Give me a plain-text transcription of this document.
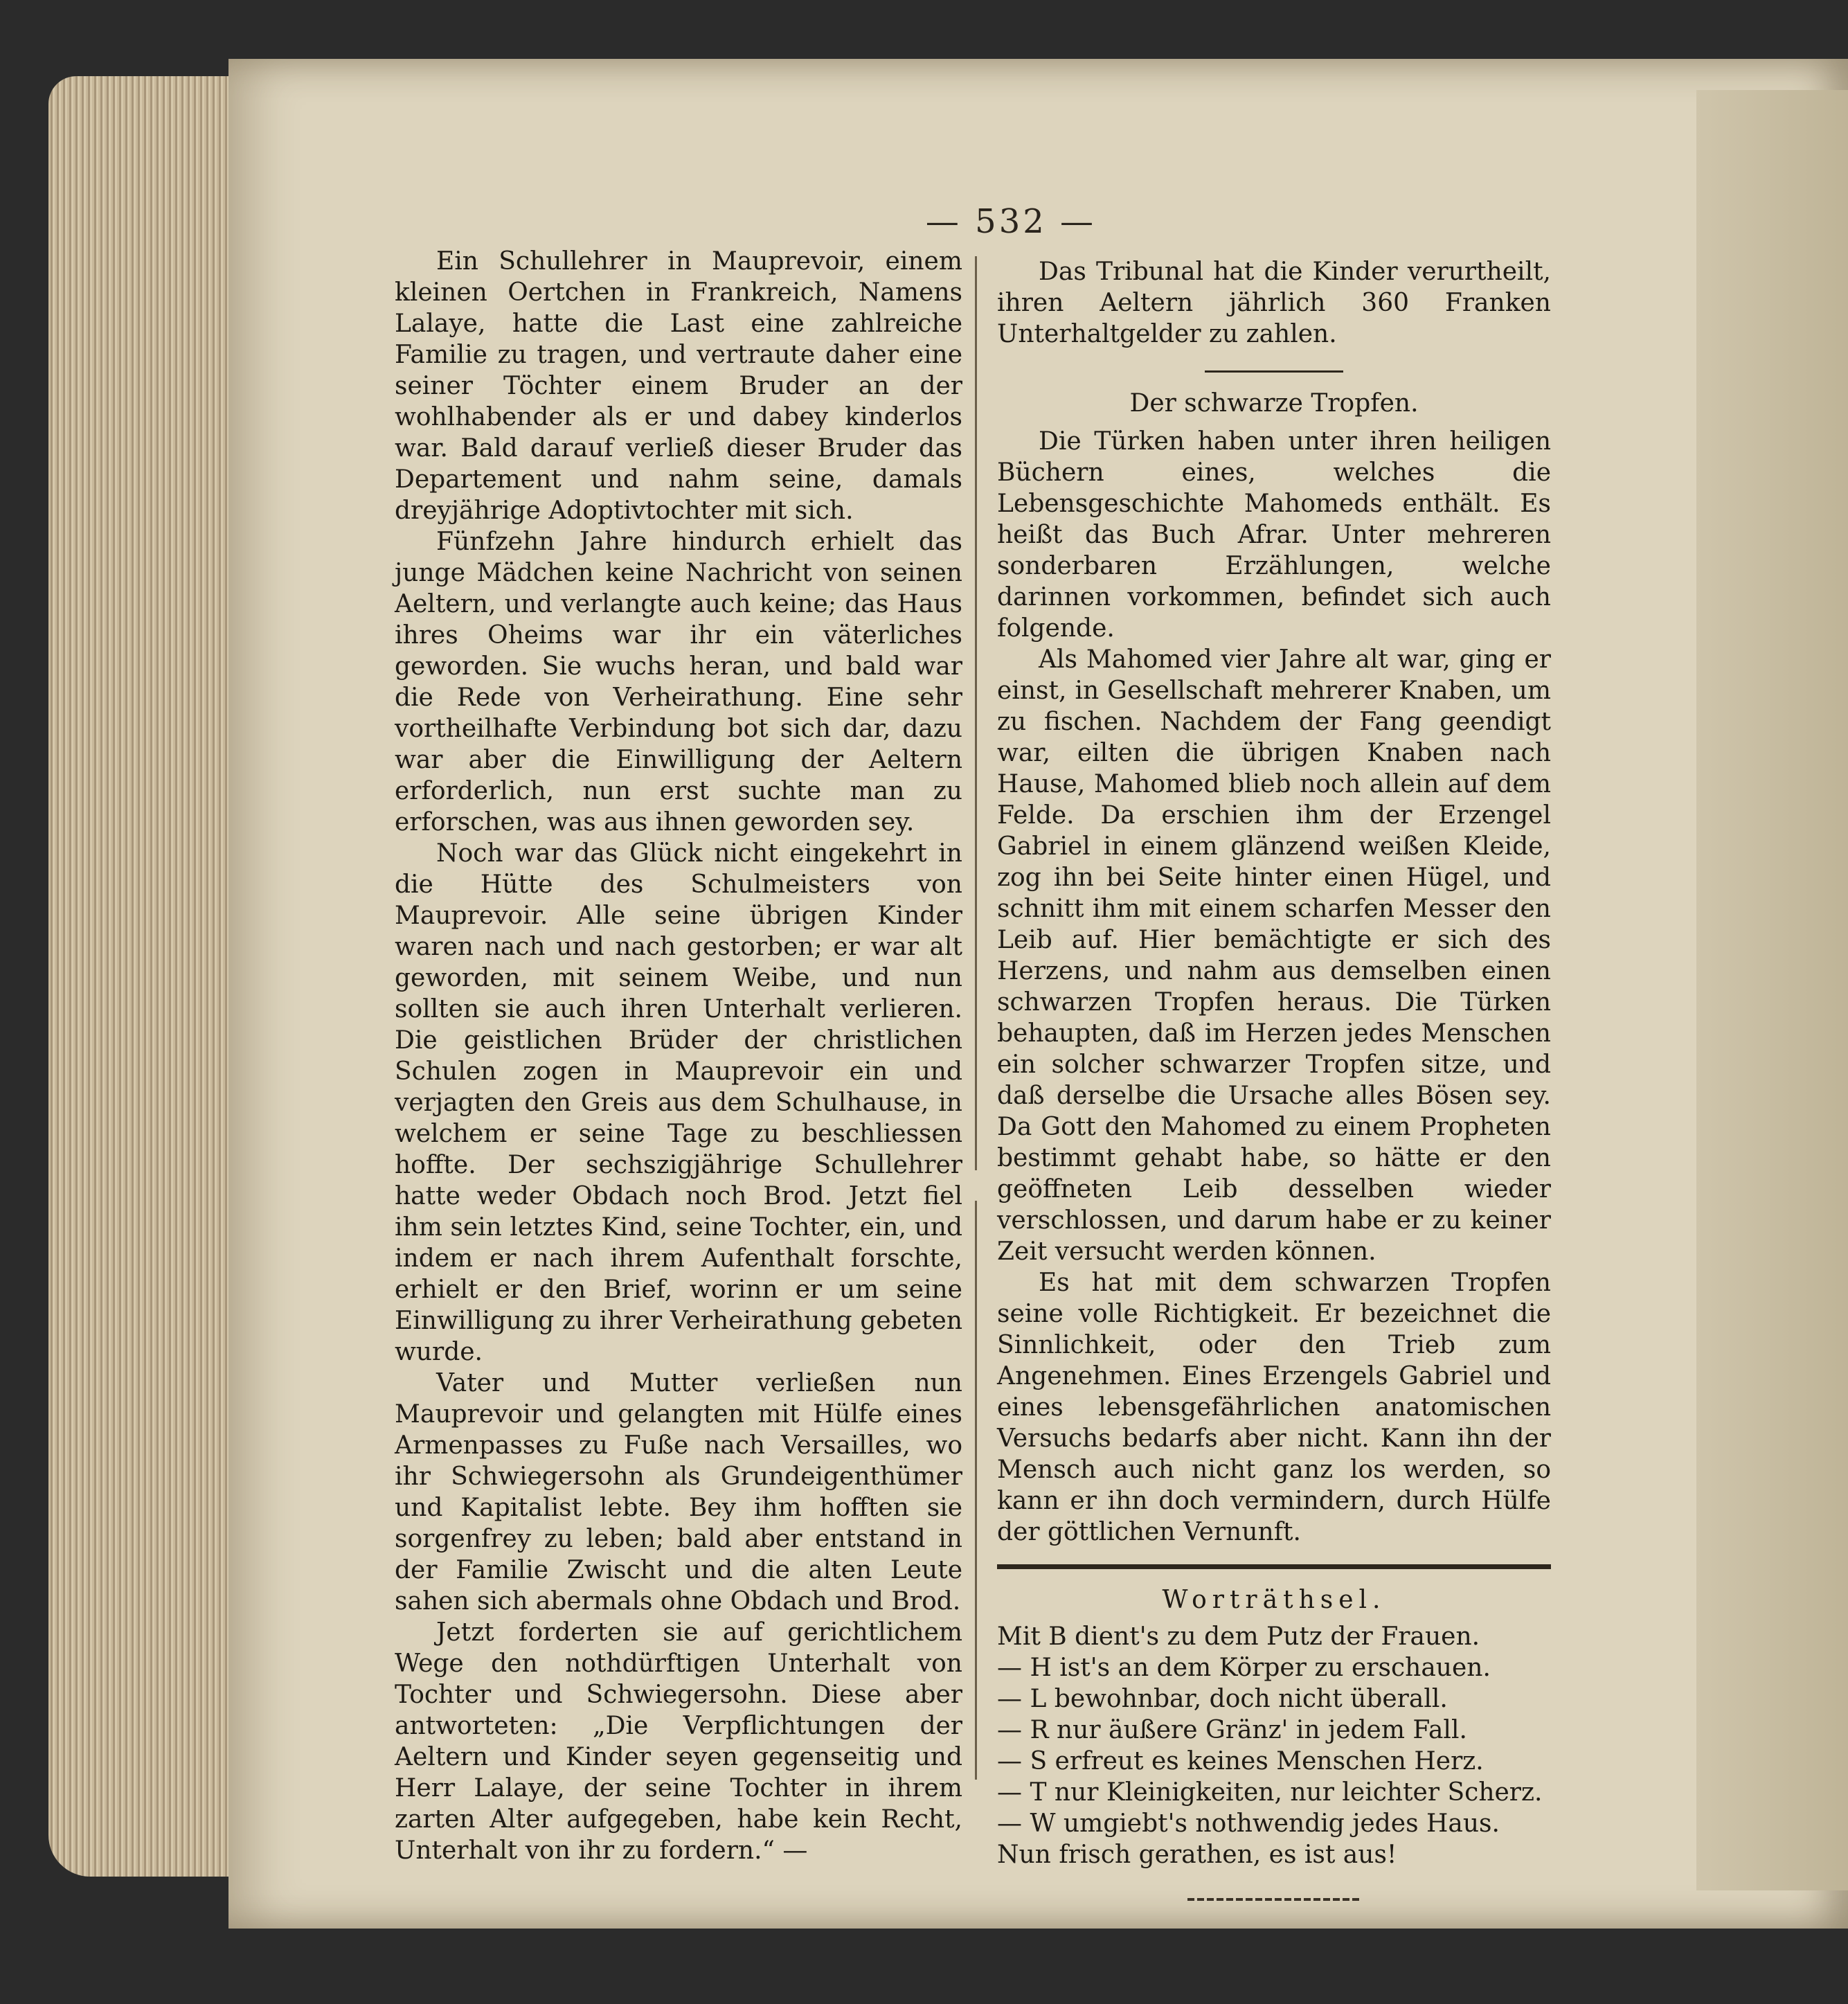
— 532 —

Ein Schullehrer in Mauprevoir, einem kleinen Oertchen in Frankreich, Namens Lalaye, hatte die Last eine zahlreiche Familie zu tragen, und vertraute daher eine seiner Töchter einem Bruder an der wohlhabender als er und dabey kinderlos war. Bald darauf verließ dieser Bruder das Departement und nahm seine, damals dreyjährige Adoptivtochter mit sich.

Fünfzehn Jahre hindurch erhielt das junge Mädchen keine Nachricht von seinen Aeltern, und verlangte auch keine; das Haus ihres Oheims war ihr ein väterliches geworden. Sie wuchs heran, und bald war die Rede von Verheirathung. Eine sehr vortheilhafte Verbindung bot sich dar, dazu war aber die Einwilligung der Aeltern erforderlich, nun erst suchte man zu erforschen, was aus ihnen geworden sey.

Noch war das Glück nicht eingekehrt in die Hütte des Schulmeisters von Mauprevoir. Alle seine übrigen Kinder waren nach und nach gestorben; er war alt geworden, mit seinem Weibe, und nun sollten sie auch ihren Unterhalt verlieren. Die geistlichen Brüder der christlichen Schulen zogen in Mauprevoir ein und verjagten den Greis aus dem Schulhause, in welchem er seine Tage zu beschliessen hoffte. Der sechszigjährige Schullehrer hatte weder Obdach noch Brod. Jetzt fiel ihm sein letztes Kind, seine Tochter, ein, und indem er nach ihrem Aufenthalt forschte, erhielt er den Brief, worinn er um seine Einwilligung zu ihrer Verheirathung gebeten wurde.

Vater und Mutter verließen nun Mauprevoir und gelangten mit Hülfe eines Armenpasses zu Fuße nach Versailles, wo ihr Schwiegersohn als Grundeigenthümer und Kapitalist lebte. Bey ihm hofften sie sorgenfrey zu leben; bald aber entstand in der Familie Zwischt und die alten Leute sahen sich abermals ohne Obdach und Brod.

Jetzt forderten sie auf gerichtlichem Wege den nothdürftigen Unterhalt von Tochter und Schwiegersohn. Diese aber antworteten: „Die Verpflichtungen der Aeltern und Kinder seyen gegenseitig und Herr Lalaye, der seine Tochter in ihrem zarten Alter aufgegeben, habe kein Recht, Unterhalt von ihr zu fordern.“ —

Das Tribunal hat die Kinder verurtheilt, ihren Aeltern jährlich 360 Franken Unterhaltgelder zu zahlen.

Der schwarze Tropfen.

Die Türken haben unter ihren heiligen Büchern eines, welches die Lebensgeschichte Mahomeds enthält. Es heißt das Buch Afrar. Unter mehreren sonderbaren Erzählungen, welche darinnen vorkommen, befindet sich auch folgende.

Als Mahomed vier Jahre alt war, ging er einst, in Gesellschaft mehrerer Knaben, um zu fischen. Nachdem der Fang geendigt war, eilten die übrigen Knaben nach Hause, Mahomed blieb noch allein auf dem Felde. Da erschien ihm der Erzengel Gabriel in einem glänzend weißen Kleide, zog ihn bei Seite hinter einen Hügel, und schnitt ihm mit einem scharfen Messer den Leib auf. Hier bemächtigte er sich des Herzens, und nahm aus demselben einen schwarzen Tropfen heraus. Die Türken behaupten, daß im Herzen jedes Menschen ein solcher schwarzer Tropfen sitze, und daß derselbe die Ursache alles Bösen sey. Da Gott den Mahomed zu einem Propheten bestimmt gehabt habe, so hätte er den geöffneten Leib desselben wieder verschlossen, und darum habe er zu keiner Zeit versucht werden können.

Es hat mit dem schwarzen Tropfen seine volle Richtigkeit. Er bezeichnet die Sinnlichkeit, oder den Trieb zum Angenehmen. Eines Erzengels Gabriel und eines lebensgefährlichen anatomischen Versuchs bedarfs aber nicht. Kann ihn der Mensch auch nicht ganz los werden, so kann er ihn doch vermindern, durch Hülfe der göttlichen Vernunft.

Worträthsel.

Mit B dient's zu dem Putz der Frauen.

— H ist's an dem Körper zu erschauen.

— L bewohnbar, doch nicht überall.

— R nur äußere Gränz' in jedem Fall.

— S erfreut es keines Menschen Herz.

— T nur Kleinigkeiten, nur leichter Scherz.

— W umgiebt's nothwendig jedes Haus.

Nun frisch gerathen, es ist aus!
